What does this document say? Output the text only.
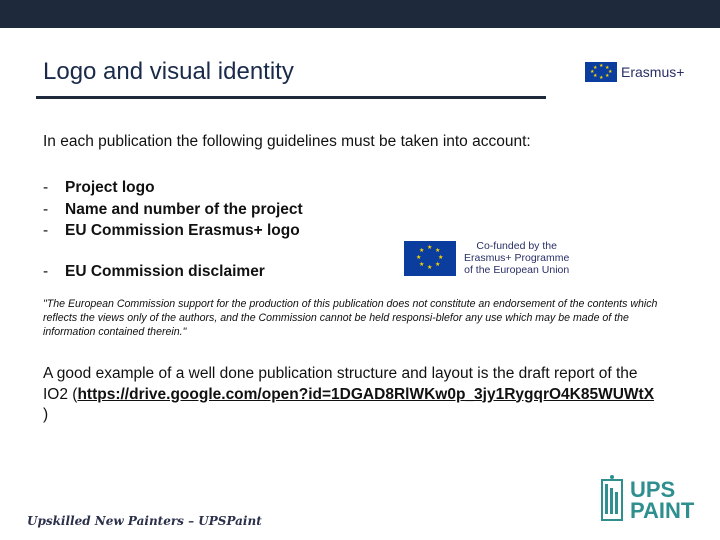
Logo and visual identity	★ ★
★
★
★
★
★
★ Erasmus+
In each publication the following guidelines must be taken into account:
- Project logo
- Name and number of the project
- EU Commission Erasmus+ logo
- EU Commission disclaimer
★ ★
★
★
★
★
★
★	Co-funded by the
Erasmus+ Programme
of the European Union
"The European Commission support for the production of this publication does not constitute an endorsement of the contents which reflects the views only of the authors, and the Commission cannot be held responsi-blefor any use which may be made of the information contained therein."
A good example of a well done publication structure and layout is the draft report of the IO2 (https://drive.google.com/open?id=1DGAD8RlWKw0p_3jy1RygqrO4K85WUWtX )
Upskilled New Painters – UPSPaint
UPS
PAINT
